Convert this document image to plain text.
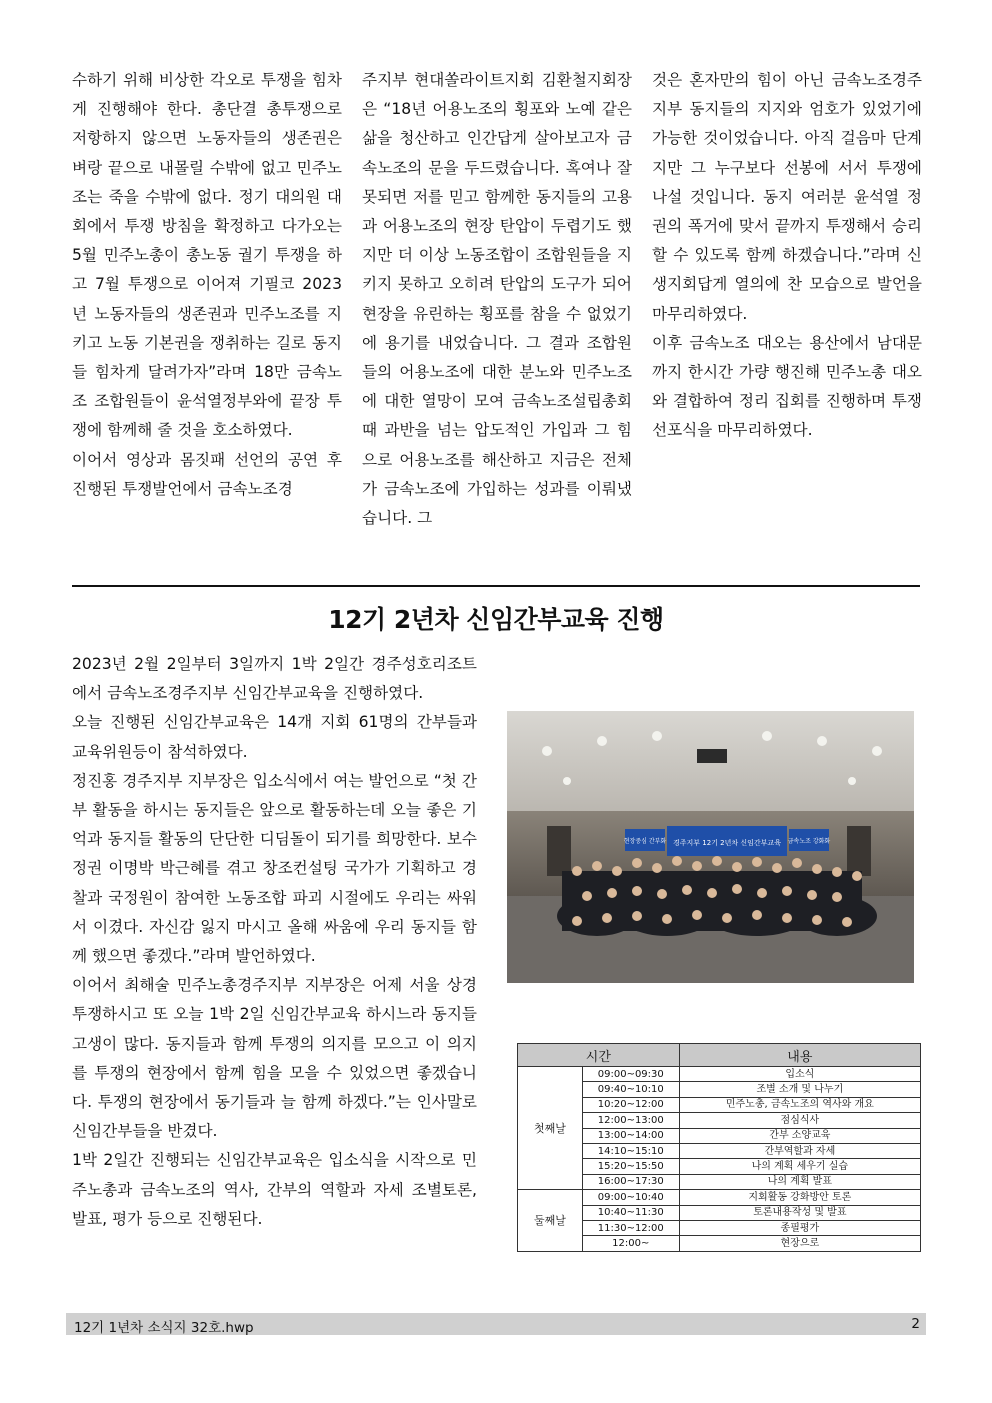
수하기 위해 비상한 각오로 투쟁을 힘차게 진행해야 한다. 총단결 총투쟁으로 저항하지 않으면 노동자들의 생존권은 벼랑 끝으로 내몰릴 수밖에 없고 민주노조는 죽을 수밖에 없다. 정기 대의원 대회에서 투쟁 방침을 확정하고 다가오는 5월 민주노총이 총노동 궐기 투쟁을 하고 7월 투쟁으로 이어져 기필코 2023년 노동자들의 생존권과 민주노조를 지키고 노동 기본권을 쟁취하는 길로 동지들 힘차게 달려가자”라며 18만 금속노조 조합원들이 윤석열정부와에 끝장 투쟁에 함께해 줄 것을 호소하였다.

이어서 영상과 몸짓패 선언의 공연 후 진행된 투쟁발언에서 금속노조경

주지부 현대쏠라이트지회 김환철지회장은 “18년 어용노조의 횡포와 노예 같은 삶을 청산하고 인간답게 살아보고자 금속노조의 문을 두드렸습니다. 혹여나 잘못되면 저를 믿고 함께한 동지들의 고용과 어용노조의 현장 탄압이 두렵기도 했지만 더 이상 노동조합이 조합원들을 지키지 못하고 오히려 탄압의 도구가 되어 현장을 유린하는 횡포를 참을 수 없었기에 용기를 내었습니다. 그 결과 조합원들의 어용노조에 대한 분노와 민주노조에 대한 열망이 모여 금속노조설립총회 때 과반을 넘는 압도적인 가입과 그 힘으로 어용노조를 해산하고 지금은 전체가 금속노조에 가입하는 성과를 이뤄냈습니다. 그

것은 혼자만의 힘이 아닌 금속노조경주지부 동지들의 지지와 엄호가 있었기에 가능한 것이었습니다. 아직 걸음마 단계지만 그 누구보다 선봉에 서서 투쟁에 나설 것입니다. 동지 여러분 윤석열 정권의 폭거에 맞서 끝까지 투쟁해서 승리할 수 있도록 함께 하겠습니다.”라며 신생지회답게 열의에 찬 모습으로 발언을 마무리하였다.

이후 금속노조 대오는 용산에서 남대문까지 한시간 가량 행진해 민주노총 대오와 결합하여 정리 집회를 진행하며 투쟁선포식을 마무리하였다.

12기 2년차 신임간부교육 진행

2023년 2월 2일부터 3일까지 1박 2일간 경주성호리조트에서 금속노조경주지부 신임간부교육을 진행하였다.

오늘 진행된 신임간부교육은 14개 지회 61명의 간부들과 교육위원등이 참석하였다.

정진홍 경주지부 지부장은 입소식에서 여는 발언으로 “첫 간부 활동을 하시는 동지들은 앞으로 활동하는데 오늘 좋은 기억과 동지들 활동의 단단한 디딤돌이 되기를 희망한다. 보수 정권 이명박 박근혜를 겪고 창조컨설팅 국가가 기획하고 경찰과 국정원이 참여한 노동조합 파괴 시절에도 우리는 싸워서 이겼다. 자신감 잃지 마시고 올해 싸움에 우리 동지들 함께 했으면 좋겠다.”라며 발언하였다.

이어서 최해술 민주노총경주지부 지부장은 어제 서울 상경 투쟁하시고 또 오늘 1박 2일 신임간부교육 하시느라 동지들 고생이 많다. 동지들과 함께 투쟁의 의지를 모으고 이 의지를 투쟁의 현장에서 함께 힘을 모을 수 있었으면 좋겠습니다. 투쟁의 현장에서 동기들과 늘 함께 하겠다.”는 인사말로 신임간부들을 반겼다.

1박 2일간 진행되는 신임간부교육은 입소식을 시작으로 민주노총과 금속노조의 역사, 간부의 역할과 자세 조별토론, 발표, 평가 등으로 진행된다.

현장중심 간부화 경주지부 12기 2년차 신임간부교육 금속노조 강화화
시간		내용
첫째날	09:00~09:30	입소식
	09:40~10:10	조별 소개 및 나누기
	10:20~12:00	민주노총, 금속노조의 역사와 개요
	12:00~13:00	점심식사
	13:00~14:00	간부 소양교육
	14:10~15:10	간부역할과 자세
	15:20~15:50	나의 계획 세우기 실습
	16:00~17:30	나의 계획 발표
둘째날	09:00~10:40	지회활동 강화방안 토론
	10:40~11:30	토론내용작성 및 발표
	11:30~12:00	종필평가
	12:00~	현장으로
12기 1년차 소식지 32호.hwp	2
